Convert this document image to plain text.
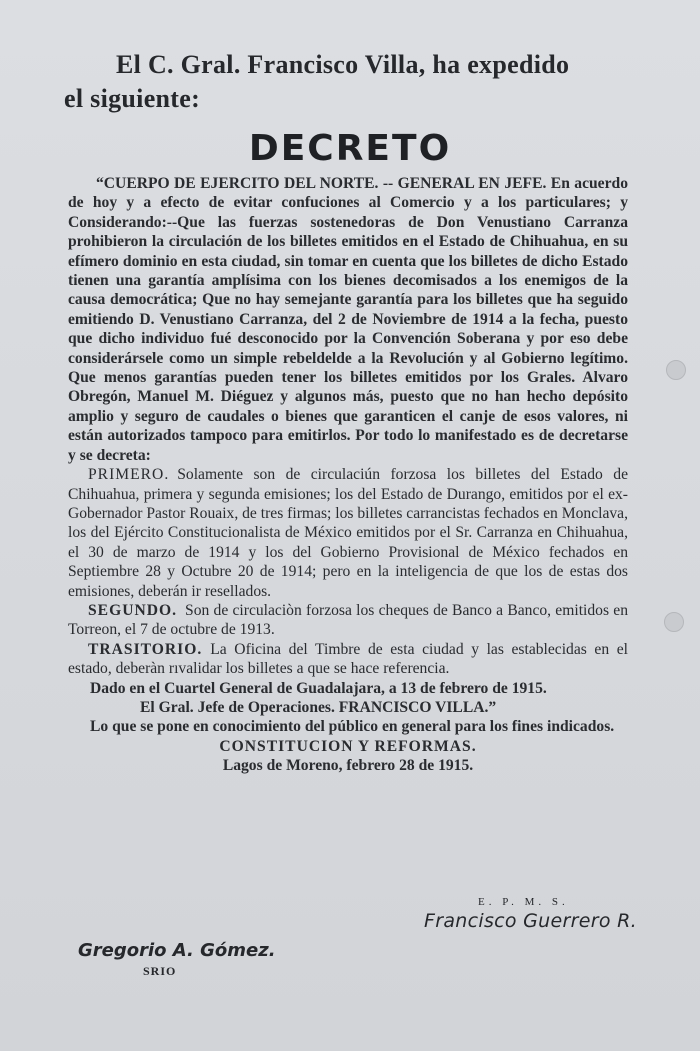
El C. Gral. Francisco Villa, ha expedido
el siguiente:
DECRETO

“CUERPO DE EJERCITO DEL NORTE. -- GENERAL EN JEFE. En acuerdo de hoy y a efecto de evitar confuciones al Comercio y a los particulares; y Considerando:--Que las fuerzas sostenedoras de Don Venustiano Carranza prohibieron la circulación de los billetes emitidos en el Estado de Chihuahua, en su efímero dominio en esta ciudad, sin tomar en cuenta que los billetes de dicho Estado tienen una garantía amplísima con los bienes decomisados a los enemigos de la causa democrática; Que no hay semejante garantía para los billetes que ha seguido emitiendo D. Venustiano Carranza, del 2 de Noviembre de 1914 a la fecha, puesto que dicho individuo fué desconocido por la Convención Soberana y por eso debe considerársele como un simple rebeldelde a la Revolución y al Gobierno legítimo. Que menos garantías pueden tener los billetes emitidos por los Grales. Alvaro Obregón, Manuel M. Diéguez y algunos más, puesto que no han hecho depósito amplio y seguro de caudales o bienes que garanticen el canje de esos valores, ni están autorizados tampoco para emitirlos. Por todo lo manifestado es de decretarse y se decreta:

PRIMERO. Solamente son de circulaciún forzosa los billetes del Estado de Chihuahua, primera y segunda emisiones; los del Estado de Durango, emitidos por el ex-Gobernador Pastor Rouaix, de tres firmas; los billetes carrancistas fechados en Monclava, los del Ejército Constitucionalista de México emitidos por el Sr. Carranza en Chihuahua, el 30 de marzo de 1914 y los del Gobierno Provisional de México fechados en Septiembre 28 y Octubre 20 de 1914; pero en la inteligencia de que los de estas dos emisiones, deberán ir resellados.

SEGUNDO. Son de circulaciòn forzosa los cheques de Banco a Banco, emitidos en Torreon, el 7 de octubre de 1913.

TRASITORIO. La Oficina del Timbre de esta ciudad y las establecidas en el estado, deberàn rıvalidar los billetes a que se hace referencia.

Dado en el Cuartel General de Guadalajara, a 13 de febrero de 1915.

El Gral. Jefe de Operaciones. FRANCISCO VILLA.”

Lo que se pone en conocimiento del público en general para los fines indicados.

CONSTITUCION Y REFORMAS.

Lagos de Moreno, febrero 28 de 1915.

E. P. M. S.
Francisco Guerrero R.
Gregorio A. Gómez.
SRIO
